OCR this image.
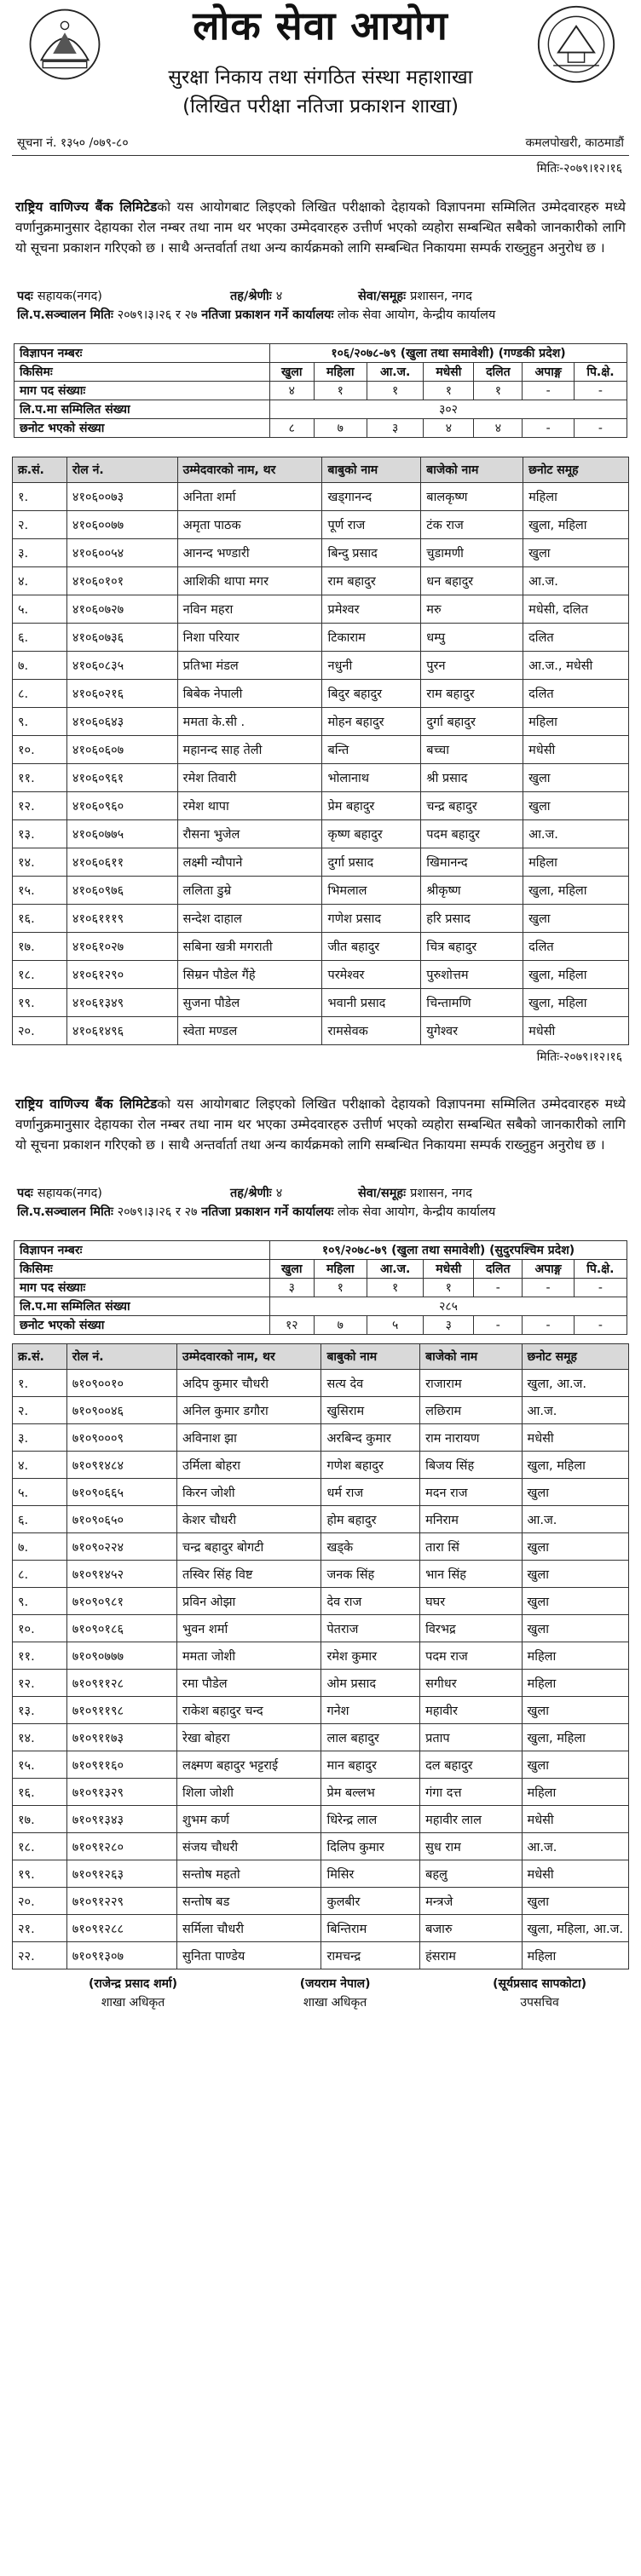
लोक सेवा आयोग
सुरक्षा निकाय तथा संगठित संस्था महाशाखा
(लिखित परीक्षा नतिजा प्रकाशन शाखा)
सूचना नं. १३५० /०७९-८०	कमलपोखरी, काठमाडौं
मितिः-२०७९।१२।१६
राष्ट्रिय वाणिज्य बैंक लिमिटेडको यस आयोगबाट लिइएको लिखित परीक्षाको देहायको विज्ञापनमा सम्मिलित उम्मेदवारहरु मध्ये वर्णानुक्रमानुसार देहायका रोल नम्बर तथा नाम थर भएका उम्मेदवारहरु उत्तीर्ण भएको व्यहोरा सम्बन्धित सबैको जानकारीको लागि यो सूचना प्रकाशन गरिएको छ । साथै अन्तर्वार्ता तथा अन्य कार्यक्रमको लागि सम्बन्धित निकायमा सम्पर्क राख्नुहुन अनुरोध छ ।
पदः सहायक(नगद)	तह/श्रेणीः ४	सेवा/समूहः प्रशासन, नगद
लि.प.सञ्चालन मितिः २०७९।३।२६ र २७ नतिजा प्रकाशन गर्ने कार्यालयः लोक सेवा आयोग, केन्द्रीय कार्यालय
विज्ञापन नम्बरः	१०६/२०७८-७९ (खुला तथा समावेशी) (गण्डकी प्रदेश)						
किसिमः	खुला	महिला	आ.ज.	मधेसी	दलित	अपाङ्ग	पि.क्षे.
माग पद संख्याः	४	१	१	१	१	-	-
लि.प.मा सम्मिलित संख्या	३०२						
छनोट भएको संख्या	८	७	३	४	४	-	-
क्र.सं.	रोल नं.	उम्मेदवारको नाम, थर	बाबुको नाम	बाजेको नाम	छनोट समूह
१.	४१०६००७३	अनिता शर्मा	खड्गानन्द	बालकृष्ण	महिला
२.	४१०६००७७	अमृता पाठक	पूर्ण राज	टंक राज	खुला, महिला
३.	४१०६००५४	आनन्द भण्डारी	बिन्दु प्रसाद	चुडामणी	खुला
४.	४१०६०१०१	आशिकी थापा मगर	राम बहादुर	धन बहादुर	आ.ज.
५.	४१०६०७२७	नविन महरा	प्रमेश्वर	मरु	मधेसी, दलित
६.	४१०६०७३६	निशा परियार	टिकाराम	धम्पु	दलित
७.	४१०६०८३५	प्रतिभा मंडल	नधुनी	पुरन	आ.ज., मधेसी
८.	४१०६०२१६	बिबेक नेपाली	बिदुर बहादुर	राम बहादुर	दलित
९.	४१०६०६४३	ममता के.सी .	मोहन बहादुर	दुर्गा बहादुर	महिला
१०.	४१०६०६०७	महानन्द साह तेली	बन्ति	बच्चा	मधेसी
११.	४१०६०९६१	रमेश तिवारी	भोलानाथ	श्री प्रसाद	खुला
१२.	४१०६०९६०	रमेश थापा	प्रेम बहादुर	चन्द्र बहादुर	खुला
१३.	४१०६०७७५	रौसना भुजेल	कृष्ण बहादुर	पदम बहादुर	आ.ज.
१४.	४१०६०६११	लक्ष्मी न्यौपाने	दुर्गा प्रसाद	खिमानन्द	महिला
१५.	४१०६०९७६	ललिता डुम्रे	भिमलाल	श्रीकृष्ण	खुला, महिला
१६.	४१०६१११९	सन्देश दाहाल	गणेश प्रसाद	हरि प्रसाद	खुला
१७.	४१०६१०२७	सबिना खत्री मगराती	जीत बहादुर	चित्र बहादुर	दलित
१८.	४१०६१२९०	सिम्रन पौडेल गैंहे	परमेश्वर	पुरुशोत्तम	खुला, महिला
१९.	४१०६१३४९	सुजना पौडेल	भवानी प्रसाद	चिन्तामणि	खुला, महिला
२०.	४१०६१४९६	स्वेता मण्डल	रामसेवक	युगेश्वर	मधेसी
मितिः-२०७९।१२।१६
राष्ट्रिय वाणिज्य बैंक लिमिटेडको यस आयोगबाट लिइएको लिखित परीक्षाको देहायको विज्ञापनमा सम्मिलित उम्मेदवारहरु मध्ये वर्णानुक्रमानुसार देहायका रोल नम्बर तथा नाम थर भएका उम्मेदवारहरु उत्तीर्ण भएको व्यहोरा सम्बन्धित सबैको जानकारीको लागि यो सूचना प्रकाशन गरिएको छ । साथै अन्तर्वार्ता तथा अन्य कार्यक्रमको लागि सम्बन्धित निकायमा सम्पर्क राख्नुहुन अनुरोध छ ।
पदः सहायक(नगद)	तह/श्रेणीः ४	सेवा/समूहः प्रशासन, नगद
लि.प.सञ्चालन मितिः २०७९।३।२६ र २७ नतिजा प्रकाशन गर्ने कार्यालयः लोक सेवा आयोग, केन्द्रीय कार्यालय
विज्ञापन नम्बरः	१०९/२०७८-७९ (खुला तथा समावेशी) (सुदुरपश्चिम प्रदेश)						
किसिमः	खुला	महिला	आ.ज.	मधेसी	दलित	अपाङ्ग	पि.क्षे.
माग पद संख्याः	३	१	१	१	-	-	-
लि.प.मा सम्मिलित संख्या	२८५						
छनोट भएको संख्या	१२	७	५	३	-	-	-
क्र.सं.	रोल नं.	उम्मेदवारको नाम, थर	बाबुको नाम	बाजेको नाम	छनोट समूह
१.	७१०९००१०	अदिप कुमार चौधरी	सत्य देव	राजाराम	खुला, आ.ज.
२.	७१०९००४६	अनिल कुमार डगौरा	खुसिराम	लछिराम	आ.ज.
३.	७१०९०००९	अविनाश झा	अरबिन्द कुमार	राम नारायण	मधेसी
४.	७१०९१४८४	उर्मिला बोहरा	गणेश बहादुर	बिजय सिंह	खुला, महिला
५.	७१०९०६६५	किरन जोशी	धर्म राज	मदन राज	खुला
६.	७१०९०६५०	केशर चौधरी	होम बहादुर	मनिराम	आ.ज.
७.	७१०९०२२४	चन्द्र बहादुर बोगटी	खड्के	तारा सिं	खुला
८.	७१०९१४५२	तस्विर सिंह विष्ट	जनक सिंह	भान सिंह	खुला
९.	७१०९०९८१	प्रविन ओझा	देव राज	घघर	खुला
१०.	७१०९०१८६	भुवन शर्मा	पेतराज	विरभद्र	खुला
११.	७१०९०७७७	ममता जोशी	रमेश कुमार	पदम राज	महिला
१२.	७१०९११२८	रमा पौडेल	ओम प्रसाद	सगीधर	महिला
१३.	७१०९११९८	राकेश बहादुर चन्द	गनेश	महावीर	खुला
१४.	७१०९११७३	रेखा बोहरा	लाल बहादुर	प्रताप	खुला, महिला
१५.	७१०९११६०	लक्ष्मण बहादुर भट्टराई	मान बहादुर	दल बहादुर	खुला
१६.	७१०९१३२९	शिला जोशी	प्रेम बल्लभ	गंगा दत्त	महिला
१७.	७१०९१३४३	शुभम कर्ण	धिरेन्द्र लाल	महावीर लाल	मधेसी
१८.	७१०९१२८०	संजय चौधरी	दिलिप कुमार	सुध राम	आ.ज.
१९.	७१०९१२६३	सन्तोष महतो	मिसिर	बहलु	मधेसी
२०.	७१०९१२२९	सन्तोष बड	कुलबीर	मन्त्रजे	खुला
२१.	७१०९१२८८	सर्मिला चौधरी	बिन्तिराम	बजारु	खुला, महिला, आ.ज.
२२.	७१०९१३०७	सुनिता पाण्डेय	रामचन्द्र	हंसराम	महिला
(राजेन्द्र प्रसाद शर्मा)
शाखा अधिकृत
(जयराम नेपाल)
शाखा अधिकृत
(सूर्यप्रसाद सापकोटा)
उपसचिव
